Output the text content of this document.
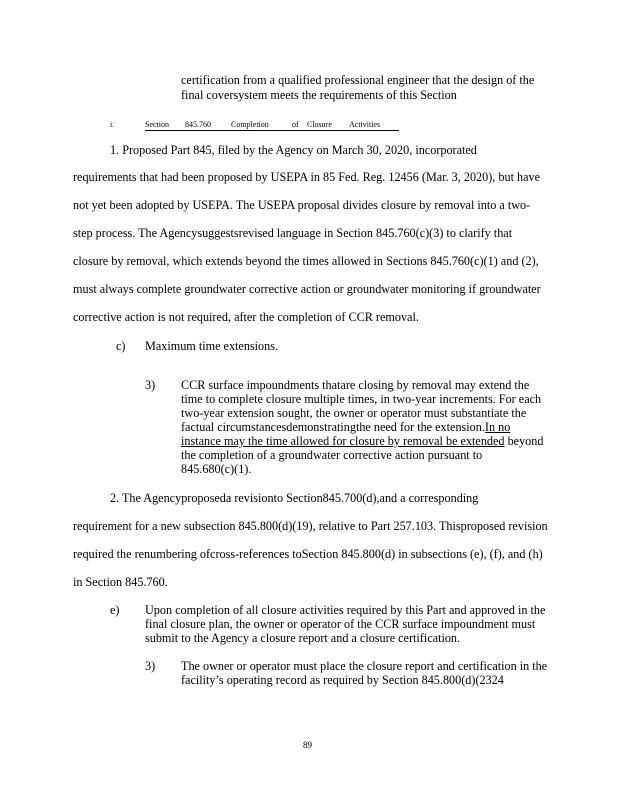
certification from a qualified professional engineer that the design of the
final coversystem meets the requirements of this Section
i.	Section 845.760	Completion	of Closure Activities
1. Proposed Part 845, filed by the Agency on March 30, 2020, incorporated
requirements that had been proposed by USEPA in 85 Fed. Reg. 12456 (Mar. 3, 2020), but have
not yet been adopted by USEPA. The USEPA proposal divides closure by removal into a two-
step process. The Agencysuggestsrevised language in Section 845.760(c)(3) to clarify that
closure by removal, which extends beyond the times allowed in Sections 845.760(c)(1) and (2),
must always complete groundwater corrective action or groundwater monitoring if groundwater
corrective action is not required, after the completion of CCR removal.
c) Maximum time extensions.
3) CCR surface impoundments thatare closing by removal may extend the
time to complete closure multiple times, in two-year increments. For each
two-year extension sought, the owner or operator must substantiate the
factual circumstancesdemonstratingthe need for the extension.In no
instance may the time allowed for closure by removal be extended beyond
the completion of a groundwater corrective action pursuant to
845.680(c)(1).
2. The Agencyproposeda revisionto Section845.700(d),and a corresponding
requirement for a new subsection 845.800(d)(19), relative to Part 257.103. Thisproposed revision
required the renumbering ofcross-references toSection 845.800(d) in subsections (e), (f), and (h)
in Section 845.760.
e) Upon completion of all closure activities required by this Part and approved in the
final closure plan, the owner or operator of the CCR surface impoundment must
submit to the Agency a closure report and a closure certification.
3) The owner or operator must place the closure report and certification in the
facility’s operating record as required by Section 845.800(d)(2324
89
